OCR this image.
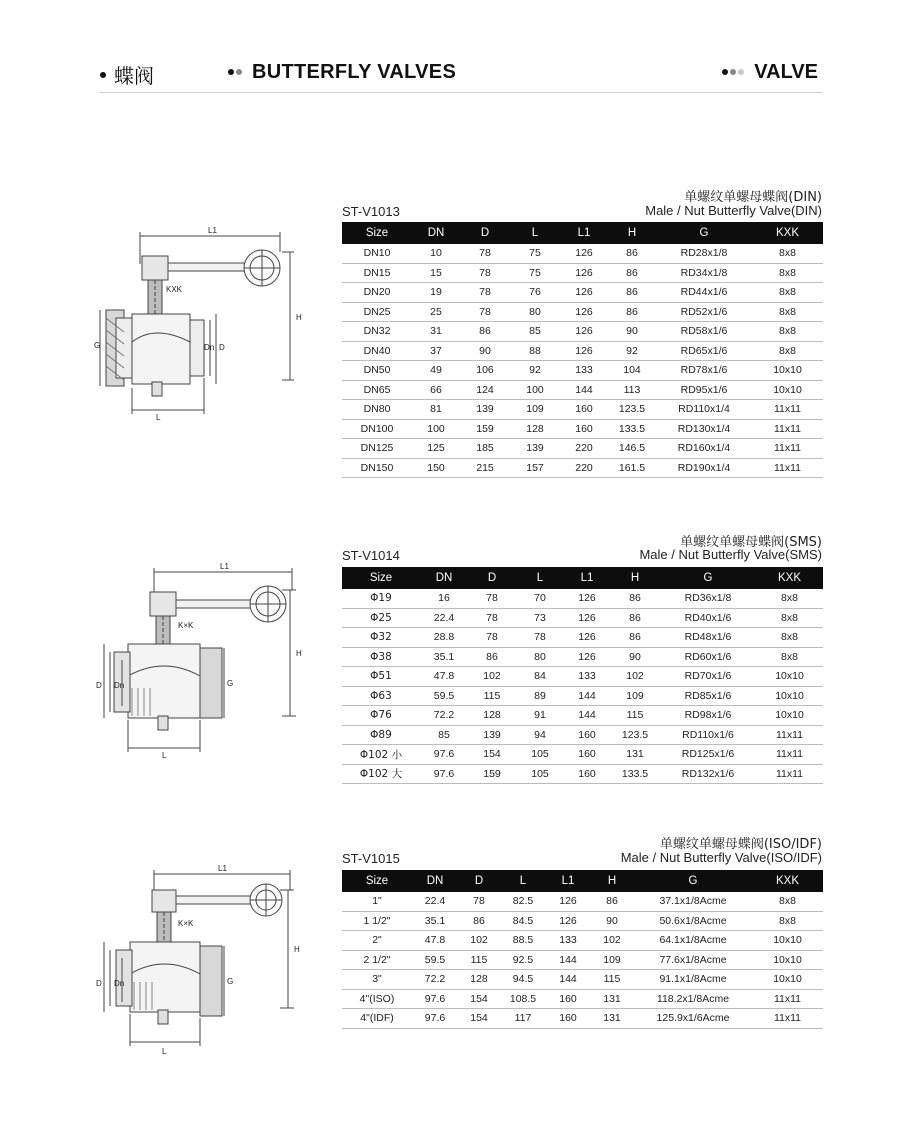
蝶阀	BUTTERFLY VALVES	VALVE
单螺纹单螺母蝶阀(DIN)
ST-V1013	Male / Nut Butterfly Valve(DIN)
L1
H
KXK
G	Dn D
L
Size	DN	D	L	L1	H	G	KXK
DN10	10	78	75	126	86	RD28x1/8	8x8
DN15	15	78	75	126	86	RD34x1/8	8x8
DN20	19	78	76	126	86	RD44x1/6	8x8
DN25	25	78	80	126	86	RD52x1/6	8x8
DN32	31	86	85	126	90	RD58x1/6	8x8
DN40	37	90	88	126	92	RD65x1/6	8x8
DN50	49	106	92	133	104	RD78x1/6	10x10
DN65	66	124	100	144	113	RD95x1/6	10x10
DN80	81	139	109	160	123.5	RD110x1/4	11x11
DN100	100	159	128	160	133.5	RD130x1/4	11x11
DN125	125	185	139	220	146.5	RD160x1/4	11x11
DN150	150	215	157	220	161.5	RD190x1/4	11x11
单螺纹单螺母蝶阀(SMS)
ST-V1014	Male / Nut Butterfly Valve(SMS)
L1
H
K×K
G
Dn
D
L
Size	DN	D	L	L1	H	G	KXK
Φ19	16	78	70	126	86	RD36x1/8	8x8
Φ25	22.4	78	73	126	86	RD40x1/6	8x8
Φ32	28.8	78	78	126	86	RD48x1/6	8x8
Φ38	35.1	86	80	126	90	RD60x1/6	8x8
Φ51	47.8	102	84	133	102	RD70x1/6	10x10
Φ63	59.5	115	89	144	109	RD85x1/6	10x10
Φ76	72.2	128	91	144	115	RD98x1/6	10x10
Φ89	85	139	94	160	123.5	RD110x1/6	11x11
Φ102 小	97.6	154	105	160	131	RD125x1/6	11x11
Φ102 大	97.6	159	105	160	133.5	RD132x1/6	11x11
单螺纹单螺母蝶阀(ISO/IDF)
ST-V1015	Male / Nut Butterfly Valve(ISO/IDF)
L1
H
K×K
G
Dn
D
L
Size	DN	D	L	L1	H	G	KXK
1"	22.4	78	82.5	126	86	37.1x1/8Acme	8x8
1 1/2"	35.1	86	84.5	126	90	50.6x1/8Acme	8x8
2"	47.8	102	88.5	133	102	64.1x1/8Acme	10x10
2 1/2"	59.5	115	92.5	144	109	77.6x1/8Acme	10x10
3"	72.2	128	94.5	144	115	91.1x1/8Acme	10x10
4"(ISO)	97.6	154	108.5	160	131	118.2x1/8Acme	11x11
4"(IDF)	97.6	154	117	160	131	125.9x1/6Acme	11x11
